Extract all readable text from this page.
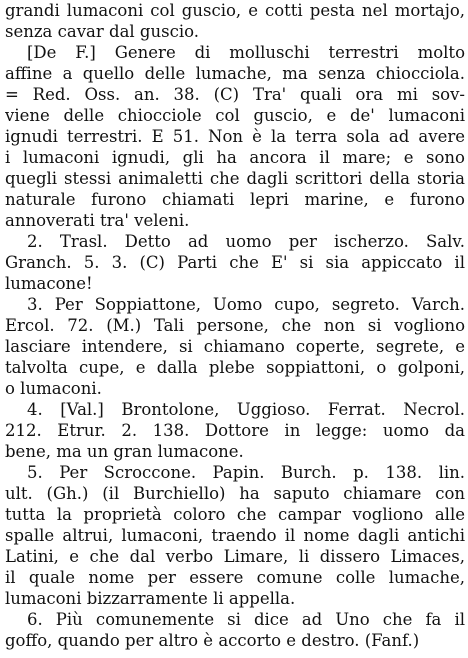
grandi lumaconi col guscio, e cotti pesta nel mortajo,
senza cavar dal guscio.
[De F.] Genere di molluschi terrestri molto
affine a quello delle lumache, ma senza chiocciola.
= Red. Oss. an. 38. (C) Tra' quali ora mi sov-
viene delle chiocciole col guscio, e de' lumaconi
ignudi terrestri. E 51. Non è la terra sola ad avere
i lumaconi ignudi, gli ha ancora il mare; e sono
quegli stessi animaletti che dagli scrittori della storia
naturale furono chiamati lepri marine, e furono
annoverati tra' veleni.
2. Trasl. Detto ad uomo per ischerzo. Salv.
Granch. 5. 3. (C) Parti che E' si sia appiccato il
lumacone!
3. Per Soppiattone, Uomo cupo, segreto. Varch.
Ercol. 72. (M.) Tali persone, che non si vogliono
lasciare intendere, si chiamano coperte, segrete, e
talvolta cupe, e dalla plebe soppiattoni, o golponi,
o lumaconi.
4. [Val.] Brontolone, Uggioso. Ferrat. Necrol.
212. Etrur. 2. 138. Dottore in legge: uomo da
bene, ma un gran lumacone.
5. Per Scroccone. Papin. Burch. p. 138. lin.
ult. (Gh.) (il Burchiello) ha saputo chiamare con
tutta la proprietà coloro che campar vogliono alle
spalle altrui, lumaconi, traendo il nome dagli antichi
Latini, e che dal verbo Limare, li dissero Limaces,
il quale nome per essere comune colle lumache,
lumaconi bizzarramente li appella.
6. Più comunemente si dice ad Uno che fa il
goffo, quando per altro è accorto e destro. (Fanf.)
